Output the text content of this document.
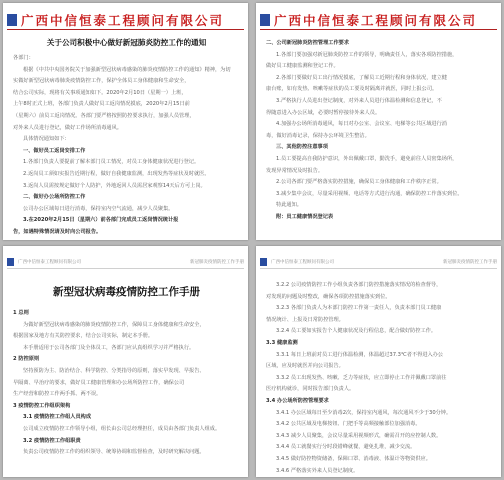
广西中信恒泰工程顾问有限公司
关于公司积极中心做好新冠肺炎防控工作的通知
各部门：
根据《中共中央国务院关于加强新型冠状病毒感染的肺炎疫情防控工作的通知》精神，为切
实做好新型冠状病毒肺炎疫情防控工作，保护全体员工身体健康和生命安全，
结合公司实际，现将有关事项通知如下。2020年2月10日（星期一）上班，
上午8时正式上班，各部门负责人做好员工返岗情况摸底，2020年2月15日前
（星期六）前员工返岗情况。各部门要严格按照防控要求执行，加强人员管理，
对外来人员进行登记，做好工作场所消毒通风。
具体情况通知如下：
一、做好员工返岗安排工作
1.各部门负责人要提前了解本部门员工情况，对员工身体健康状况进行登记。
2.返岗员工须如实报告近期行程，做好自我健康监测，出现发热等症状及时就医。
3.返岗人员需按规定做好个人防护，外地返回人员需居家观察14天后方可上岗。
二、做好办公场所防控工作
公司办公区域每日进行消毒，保持室内空气流通，减少人员聚集。
3.在2020年2月15日（星期六）前各部门完成员工返岗情况统计报
告，如遇特殊情况请及时向公司报告。
广西中信恒泰工程顾问有限公司
二、公司新冠肺炎防控管理工作要求
1.各部门要加强对新冠肺炎防控工作的领导，明确责任人，落实各项防控措施，
做好员工健康监测和登记工作。
2.各部门要做好员工出行情况摸底，了解员工近期行程和身体状况，建立健
康台账，如有发热、咳嗽等症状的员工要及时隔离并就医，同时上报公司。
3.严格执行人员进出登记制度，对外来人员进行体温检测和信息登记，不
得随意进入办公区域，必要时暂停接待外来人员。
4.加强办公场所消毒通风，每日对办公室、会议室、电梯等公共区域进行消
毒，做好消毒记录，保持办公环境卫生整洁。
三、其他防控注意事项
1.员工要提高自我防护意识，外出佩戴口罩，勤洗手，避免前往人员密集场所，
发现异常情况及时报告。
2.公司各部门要严格落实防控措施，确保员工身体健康和工作秩序正常。
3.减少集中会议，尽量采用视频、电话等方式进行沟通，确保防控工作落实到位。
特此通知。
附：员工健康情况登记表
广西中信恒泰工程顾问有限公司	新冠肺炎疫情防控工作手册
新型冠状病毒疫情防控工作手册
1 总则
为做好新型冠状病毒感染的肺炎疫情防控工作，保障员工身体健康和生命安全，
根据国家及地方有关防控要求，结合公司实际，制定本手册。
本手册适用于公司各部门及全体员工，各部门应认真组织学习并严格执行。
2 防控原则
坚持预防为主、防治结合、科学防控、分类指导的原则，落实早发现、早报告、
早隔离、早治疗的要求，做好员工健康管理和办公场所防控工作，确保公司
生产经营和防控工作两手抓、两不误。
3 疫情防控工作组织架构
3.1 疫情防控工作组人员构成
公司成立疫情防控工作领导小组，组长由公司总经理担任，成员由各部门负责人组成。
3.2 疫情防控工作组职责
负责公司疫情防控工作的组织领导、统筹协调和监督检查，及时研究解决问题。
广西中信恒泰工程顾问有限公司	新冠肺炎疫情防控工作手册
3.2.2 公司疫情防控工作小组负责各部门防控措施落实情况的检查督导，
对发现的问题及时整改，确保各项防控措施落实到位。
3.2.3 各部门负责人为本部门防控工作第一责任人，负责本部门员工健康
情况统计、上报及日常防控管理。
3.2.4 员工要如实报告个人健康状况及行程信息，配合做好防控工作。
3.3 健康监测
3.3.1 每日上班前对员工进行体温检测，体温超过37.3℃者不得进入办公
区域，应及时就医并向公司报告。
3.3.2 员工出现发热、咳嗽、乏力等症状，应立即停止工作并佩戴口罩前往
医疗机构就诊，同时报告部门负责人。
3.4 办公场所防控管理要求
3.4.1 办公区域每日至少消毒2次，保持室内通风，每次通风不少于30分钟。
3.4.2 公共区域及电梯按钮、门把手等高频接触部位加强消毒。
3.4.3 减少人员聚集，会议尽量采用视频形式，确需召开的应控制人数。
3.4.4 员工就餐实行分时段错峰就餐，避免扎堆，减少交流。
3.4.5 做好防控物资储备，保障口罩、消毒液、体温计等物资供应。
3.4.6 严格落实外来人员登记制度。
